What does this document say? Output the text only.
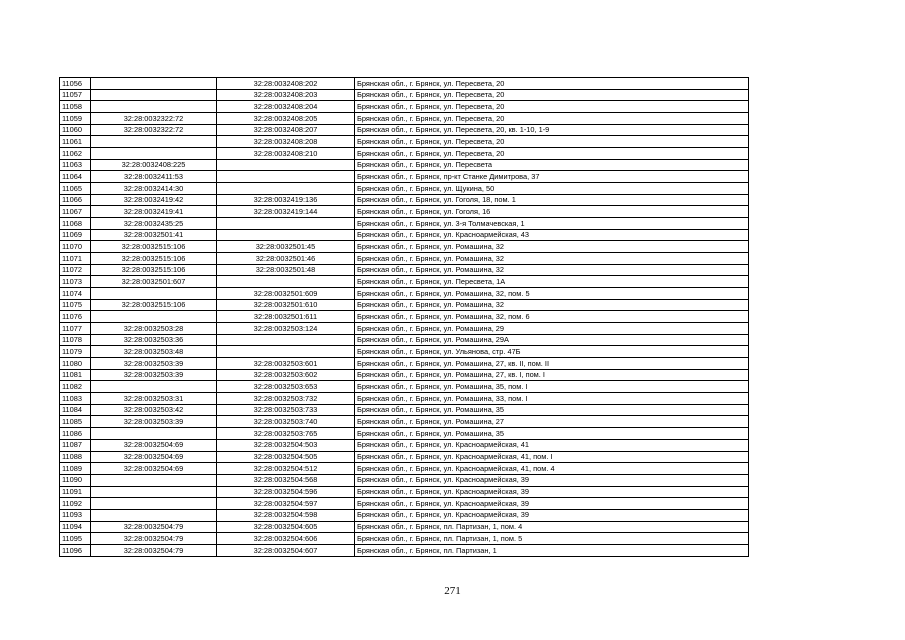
11056		32:28:0032408:202	Брянская обл., г. Брянск, ул. Пересвета, 20
11057		32:28:0032408:203	Брянская обл., г. Брянск, ул. Пересвета, 20
11058		32:28:0032408:204	Брянская обл., г. Брянск, ул. Пересвета, 20
11059	32:28:0032322:72	32:28:0032408:205	Брянская обл., г. Брянск, ул. Пересвета, 20
11060	32:28:0032322:72	32:28:0032408:207	Брянская обл., г. Брянск, ул. Пересвета, 20, кв. 1-10, 1-9
11061		32:28:0032408:208	Брянская обл., г. Брянск, ул. Пересвета, 20
11062		32:28:0032408:210	Брянская обл., г. Брянск, ул. Пересвета, 20
11063	32:28:0032408:225		Брянская обл., г. Брянск, ул. Пересвета
11064	32:28:0032411:53		Брянская обл., г. Брянск, пр-кт Станке Димитрова, 37
11065	32:28:0032414:30		Брянская обл., г. Брянск, ул. Щукина, 50
11066	32:28:0032419:42	32:28:0032419:136	Брянская обл., г. Брянск, ул. Гоголя, 18, пом. 1
11067	32:28:0032419:41	32:28:0032419:144	Брянская обл., г. Брянск, ул. Гоголя, 16
11068	32:28:0032435:25		Брянская обл., г. Брянск, ул. 3-я Толмачевская, 1
11069	32:28:0032501:41		Брянская обл., г. Брянск, ул. Красноармейская, 43
11070	32:28:0032515:106	32:28:0032501:45	Брянская обл., г. Брянск, ул. Ромашина, 32
11071	32:28:0032515:106	32:28:0032501:46	Брянская обл., г. Брянск, ул. Ромашина, 32
11072	32:28:0032515:106	32:28:0032501:48	Брянская обл., г. Брянск, ул. Ромашина, 32
11073	32:28:0032501:607		Брянская обл., г. Брянск, ул. Пересвета, 1А
11074		32:28:0032501:609	Брянская обл., г. Брянск, ул. Ромашина, 32, пом. 5
11075	32:28:0032515:106	32:28:0032501:610	Брянская обл., г. Брянск, ул. Ромашина, 32
11076		32:28:0032501:611	Брянская обл., г. Брянск, ул. Ромашина, 32, пом. 6
11077	32:28:0032503:28	32:28:0032503:124	Брянская обл., г. Брянск, ул. Ромашина, 29
11078	32:28:0032503:36		Брянская обл., г. Брянск, ул. Ромашина, 29А
11079	32:28:0032503:48		Брянская обл., г. Брянск, ул. Ульянова, стр. 47Б
11080	32:28:0032503:39	32:28:0032503:601	Брянская обл., г. Брянск, ул. Ромашина, 27, кв. II, пом. II
11081	32:28:0032503:39	32:28:0032503:602	Брянская обл., г. Брянск, ул. Ромашина, 27, кв. I, пом. I
11082		32:28:0032503:653	Брянская обл., г. Брянск, ул. Ромашина, 35, пом. I
11083	32:28:0032503:31	32:28:0032503:732	Брянская обл., г. Брянск, ул. Ромашина, 33, пом. I
11084	32:28:0032503:42	32:28:0032503:733	Брянская обл., г. Брянск, ул. Ромашина, 35
11085	32:28:0032503:39	32:28:0032503:740	Брянская обл., г. Брянск, ул. Ромашина, 27
11086		32:28:0032503:765	Брянская обл., г. Брянск, ул. Ромашина, 35
11087	32:28:0032504:69	32:28:0032504:503	Брянская обл., г. Брянск, ул. Красноармейская, 41
11088	32:28:0032504:69	32:28:0032504:505	Брянская обл., г. Брянск, ул. Красноармейская, 41, пом. I
11089	32:28:0032504:69	32:28:0032504:512	Брянская обл., г. Брянск, ул. Красноармейская, 41, пом. 4
11090		32:28:0032504:568	Брянская обл., г. Брянск, ул. Красноармейская, 39
11091		32:28:0032504:596	Брянская обл., г. Брянск, ул. Красноармейская, 39
11092		32:28:0032504:597	Брянская обл., г. Брянск, ул. Красноармейская, 39
11093		32:28:0032504:598	Брянская обл., г. Брянск, ул. Красноармейская, 39
11094	32:28:0032504:79	32:28:0032504:605	Брянская обл., г. Брянск, пл. Партизан, 1, пом. 4
11095	32:28:0032504:79	32:28:0032504:606	Брянская обл., г. Брянск, пл. Партизан, 1, пом. 5
11096	32:28:0032504:79	32:28:0032504:607	Брянская обл., г. Брянск, пл. Партизан, 1
271
